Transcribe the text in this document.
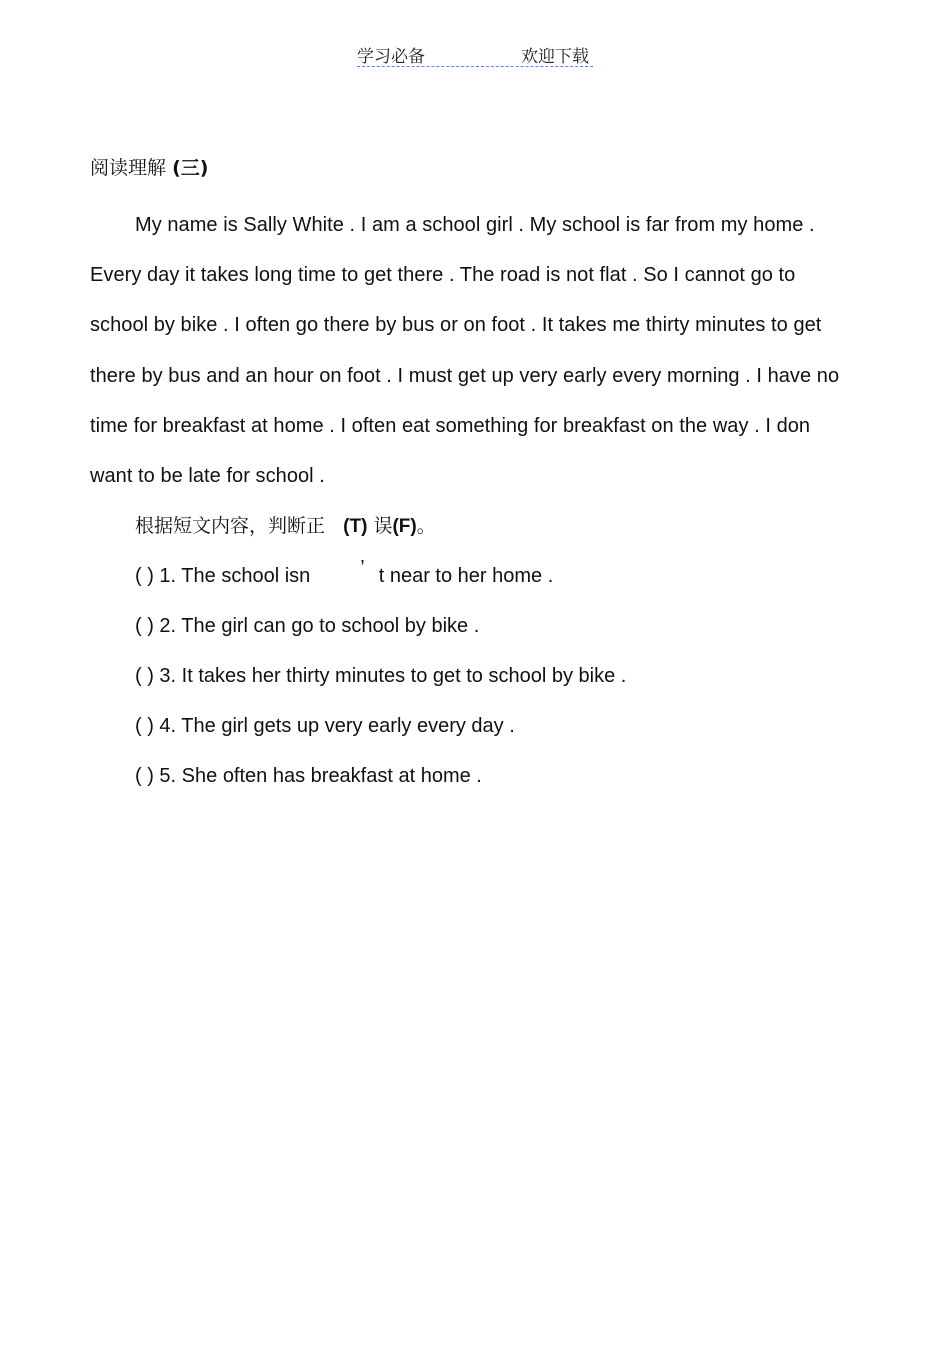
学习必备	欢迎下载
阅读理解 (三)
My name is Sally White . I am a school girl . My school is far from my home .
Every day it takes long time to get there . The road is not flat . So I cannot go to
school by bike . I often go there by bus or on foot . It takes me thirty minutes to get
there by bus and an hour on foot . I must get up very early every morning . I have no
time for breakfast at home . I often eat something for breakfast on the way . I don
want to be late for school .
根据短文内容，判断正 (T) 误(F)。
( ) 1. The school isn	’ t near to her home .
( ) 2. The girl can go to school by bike .
( ) 3. It takes her thirty minutes to get to school by bike .
( ) 4. The girl gets up very early every day .
( ) 5. She often has breakfast at home .
